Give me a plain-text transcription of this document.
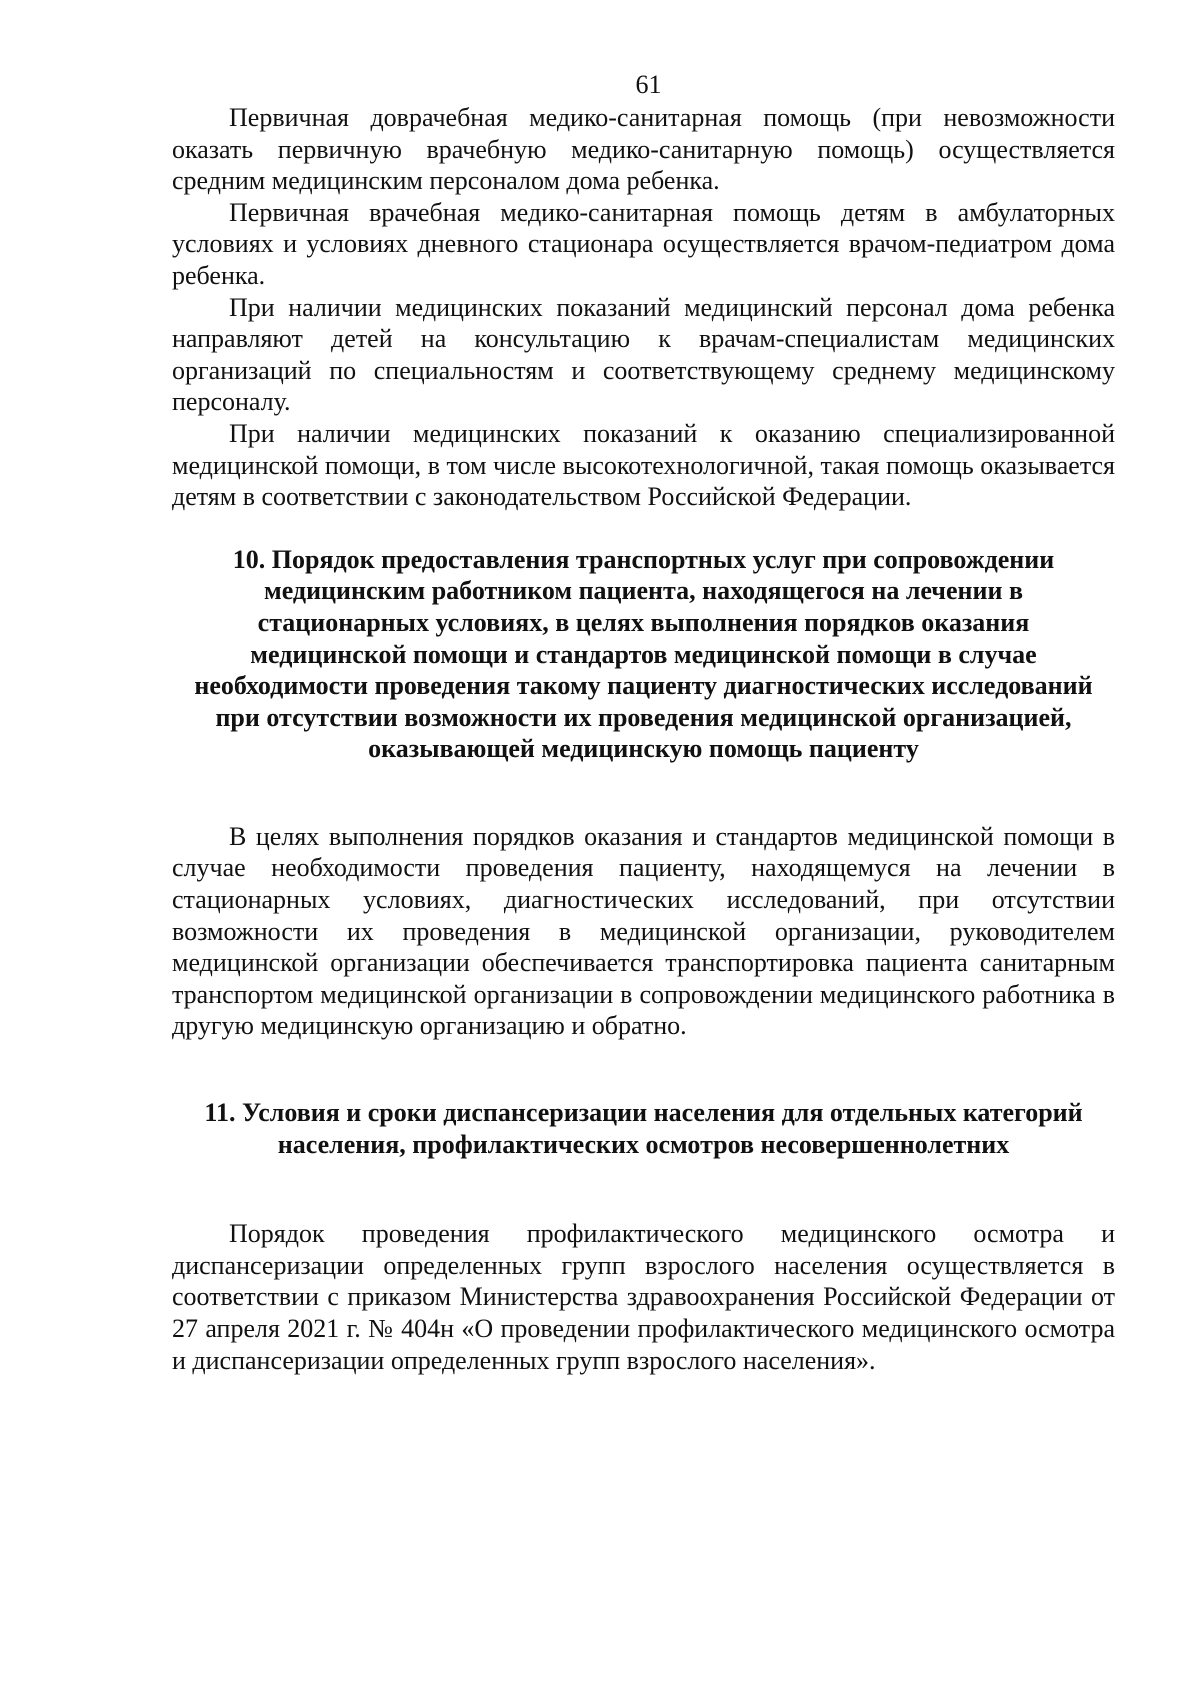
61

Первичная доврачебная медико-санитарная помощь (при невозможности оказать первичную врачебную медико-санитарную помощь) осуществляется средним медицинским персоналом дома ребенка.

Первичная врачебная медико-санитарная помощь детям в амбулаторных условиях и условиях дневного стационара осуществляется врачом-педиатром дома ребенка.

При наличии медицинских показаний медицинский персонал дома ребенка направляют детей на консультацию к врачам-специалистам медицинских организаций по специальностям и соответствующему среднему медицинскому персоналу.

При наличии медицинских показаний к оказанию специализированной медицинской помощи, в том числе высокотехнологичной, такая помощь оказывается детям в соответствии с законодательством Российской Федерации.

10. Порядок предоставления транспортных услуг при сопровождении медицинским работником пациента, находящегося на лечении в стационарных условиях, в целях выполнения порядков оказания медицинской помощи и стандартов медицинской помощи в случае необходимости проведения такому пациенту диагностических исследований при отсутствии возможности их проведения медицинской организацией, оказывающей медицинскую помощь пациенту

В целях выполнения порядков оказания и стандартов медицинской помощи в случае необходимости проведения пациенту, находящемуся на лечении в стационарных условиях, диагностических исследований, при отсутствии возможности их проведения в медицинской организации, руководителем медицинской организации обеспечивается транспортировка пациента санитарным транспортом медицинской организации в сопровождении медицинского работника в другую медицинскую организацию и обратно.

11. Условия и сроки диспансеризации населения для отдельных категорий населения, профилактических осмотров несовершеннолетних

Порядок проведения профилактического медицинского осмотра и диспансеризации определенных групп взрослого населения осуществляется в соответствии с приказом Министерства здравоохранения Российской Федерации от 27 апреля 2021 г. № 404н «О проведении профилактического медицинского осмотра и диспансеризации определенных групп взрослого населения».
